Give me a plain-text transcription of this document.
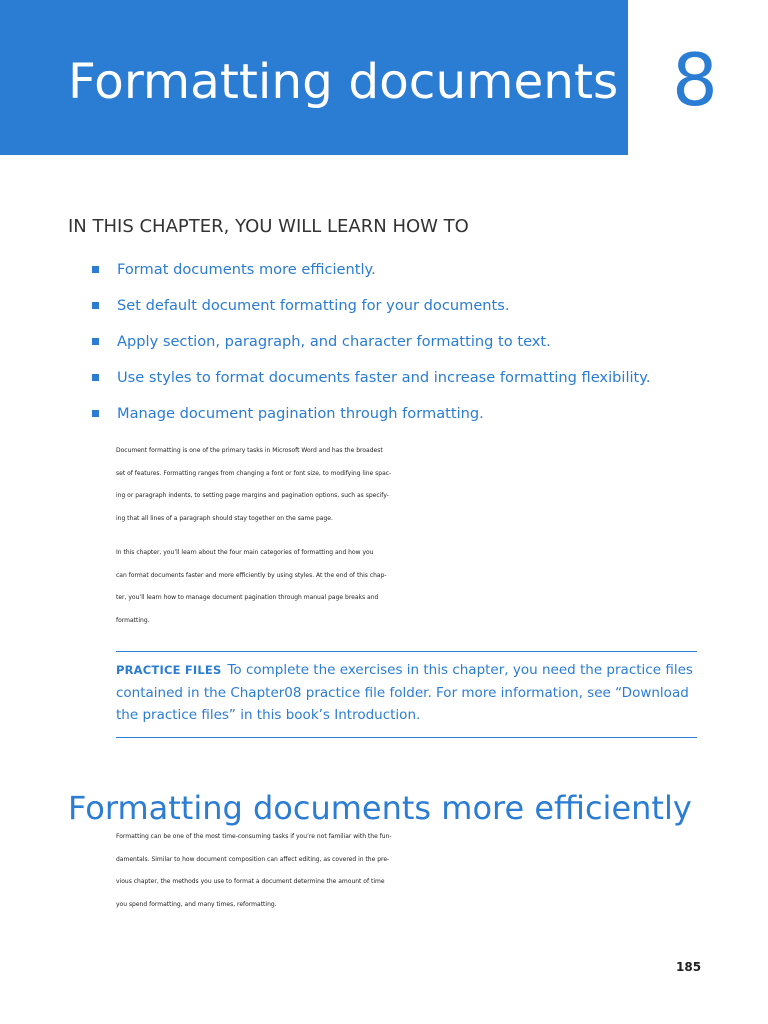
Formatting documents 8
IN THIS CHAPTER, YOU WILL LEARN HOW TO
Format documents more efficiently.
Set default document formatting for your documents.
Apply section, paragraph, and character formatting to text.
Use styles to format documents faster and increase formatting flexibility.
Manage document pagination through formatting.

Document formatting is one of the primary tasks in Microsoft Word and has the broadest
set of features. Formatting ranges from changing a font or font size, to modifying line spac-
ing or paragraph indents, to setting page margins and pagination options, such as specify-
ing that all lines of a paragraph should stay together on the same page.

In this chapter, you’ll learn about the four main categories of formatting and how you
can format documents faster and more efficiently by using styles. At the end of this chap-
ter, you’ll learn how to manage document pagination through manual page breaks and
formatting.

PRACTICE FILES To complete the exercises in this chapter, you need the practice files
contained in the Chapter08 practice file folder. For more information, see “Download
the practice files” in this book’s Introduction.

Formatting documents more efficiently

Formatting can be one of the most time-consuming tasks if you’re not familiar with the fun-
damentals. Similar to how document composition can affect editing, as covered in the pre-
vious chapter, the methods you use to format a document determine the amount of time
you spend formatting, and many times, reformatting.

185
